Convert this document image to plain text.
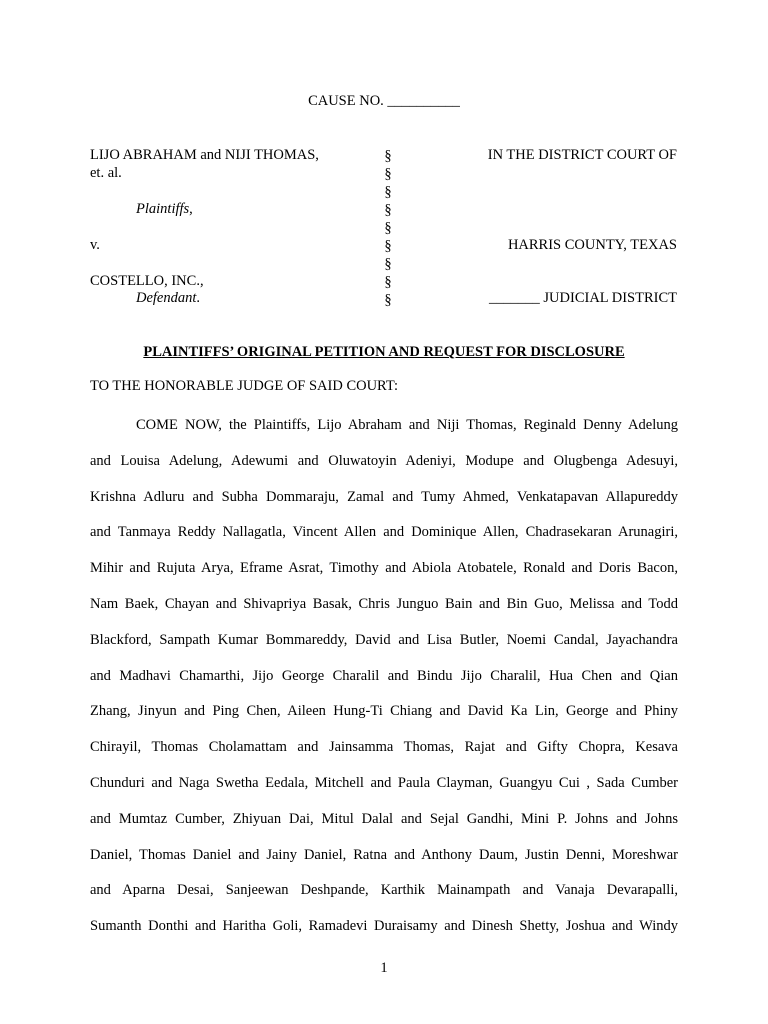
CAUSE NO. __________
LIJO ABRAHAM and NIJI THOMAS,
et. al.
Plaintiffs,
v.
COSTELLO, INC.,
Defendant.
§
§
§
§
§
§
§
§
§
IN THE DISTRICT COURT OF
HARRIS COUNTY, TEXAS
_______ JUDICIAL DISTRICT
PLAINTIFFS’ ORIGINAL PETITION AND REQUEST FOR DISCLOSURE
TO THE HONORABLE JUDGE OF SAID COURT:
COME NOW, the Plaintiffs, Lijo Abraham and Niji Thomas, Reginald Denny Adelung
and Louisa Adelung, Adewumi and Oluwatoyin Adeniyi, Modupe and Olugbenga Adesuyi,
Krishna Adluru and Subha Dommaraju, Zamal and Tumy Ahmed, Venkatapavan Allapureddy
and Tanmaya Reddy Nallagatla, Vincent Allen and Dominique Allen, Chadrasekaran Arunagiri,
Mihir and Rujuta Arya, Eframe Asrat, Timothy and Abiola Atobatele, Ronald and Doris Bacon,
Nam Baek, Chayan and Shivapriya Basak, Chris Junguo Bain and Bin Guo, Melissa and Todd
Blackford, Sampath Kumar Bommareddy, David and Lisa Butler, Noemi Candal, Jayachandra
and Madhavi Chamarthi, Jijo George Charalil and Bindu Jijo Charalil, Hua Chen and Qian
Zhang, Jinyun and Ping Chen, Aileen Hung-Ti Chiang and David Ka Lin, George and Phiny
Chirayil, Thomas Cholamattam and Jainsamma Thomas, Rajat and Gifty Chopra, Kesava
Chunduri and Naga Swetha Eedala, Mitchell and Paula Clayman, Guangyu Cui , Sada Cumber
and Mumtaz Cumber, Zhiyuan Dai, Mitul Dalal and Sejal Gandhi, Mini P. Johns and Johns
Daniel, Thomas Daniel and Jainy Daniel, Ratna and Anthony Daum, Justin Denni, Moreshwar
and Aparna Desai, Sanjeewan Deshpande, Karthik Mainampath and Vanaja Devarapalli,
Sumanth Donthi and Haritha Goli, Ramadevi Duraisamy and Dinesh Shetty, Joshua and Windy
1
